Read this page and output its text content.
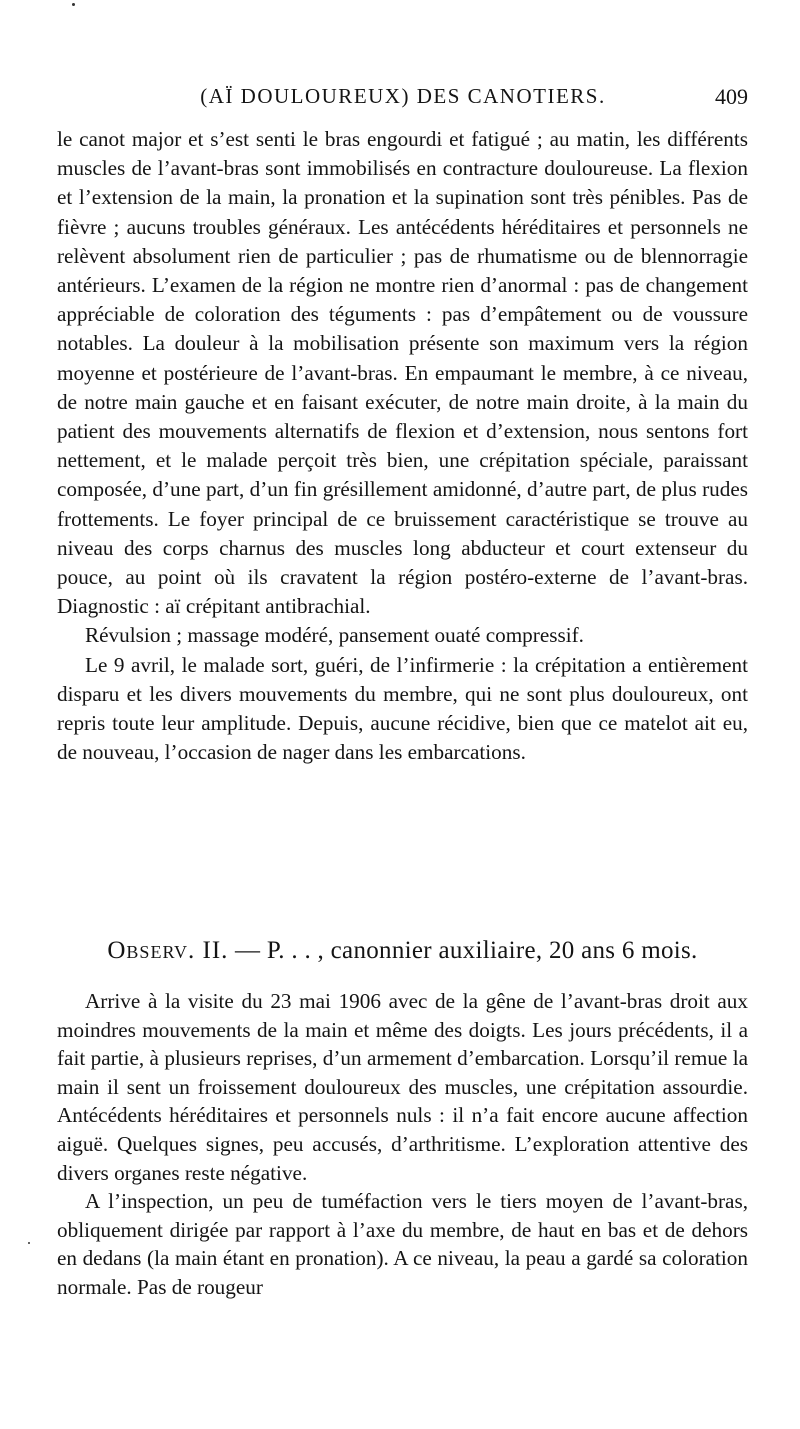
(AÏ DOULOUREUX) DES CANOTIERS.	409

le canot major et s’est senti le bras engourdi et fatigué ; au matin, les différents muscles de l’avant-bras sont immobilisés en contracture douloureuse. La flexion et l’extension de la main, la pronation et la supination sont très pénibles. Pas de fièvre ; aucuns troubles généraux. Les antécédents héréditaires et personnels ne relèvent absolument rien de particulier ; pas de rhumatisme ou de blennorragie antérieurs. L’examen de la région ne montre rien d’anormal : pas de changement appréciable de coloration des téguments : pas d’empâtement ou de voussure notables. La douleur à la mobilisation présente son maximum vers la région moyenne et postérieure de l’avant-bras. En empaumant le membre, à ce niveau, de notre main gauche et en faisant exécuter, de notre main droite, à la main du patient des mouvements alternatifs de flexion et d’extension, nous sentons fort nettement, et le malade perçoit très bien, une crépitation spéciale, paraissant composée, d’une part, d’un fin grésillement amidonné, d’autre part, de plus rudes frottements. Le foyer principal de ce bruissement caractéristique se trouve au niveau des corps charnus des muscles long abducteur et court extenseur du pouce, au point où ils cravatent la région postéro-externe de l’avant-bras. Diagnostic : aï crépitant antibrachial.

Révulsion ; massage modéré, pansement ouaté compressif.

Le 9 avril, le malade sort, guéri, de l’infirmerie : la crépitation a entièrement disparu et les divers mouvements du membre, qui ne sont plus douloureux, ont repris toute leur amplitude. Depuis, aucune récidive, bien que ce matelot ait eu, de nouveau, l’occasion de nager dans les embarcations.

Observ. II. — P. . . , canonnier auxiliaire, 20 ans 6 mois.

Arrive à la visite du 23 mai 1906 avec de la gêne de l’avant-bras droit aux moindres mouvements de la main et même des doigts. Les jours précédents, il a fait partie, à plusieurs reprises, d’un armement d’embarcation. Lorsqu’il remue la main il sent un froissement douloureux des muscles, une crépitation assourdie. Antécédents héréditaires et personnels nuls : il n’a fait encore aucune affection aiguë. Quelques signes, peu accusés, d’arthritisme. L’exploration attentive des divers organes reste négative.

A l’inspection, un peu de tuméfaction vers le tiers moyen de l’avant-bras, obliquement dirigée par rapport à l’axe du membre, de haut en bas et de dehors en dedans (la main étant en pronation). A ce niveau, la peau a gardé sa coloration normale. Pas de rougeur
